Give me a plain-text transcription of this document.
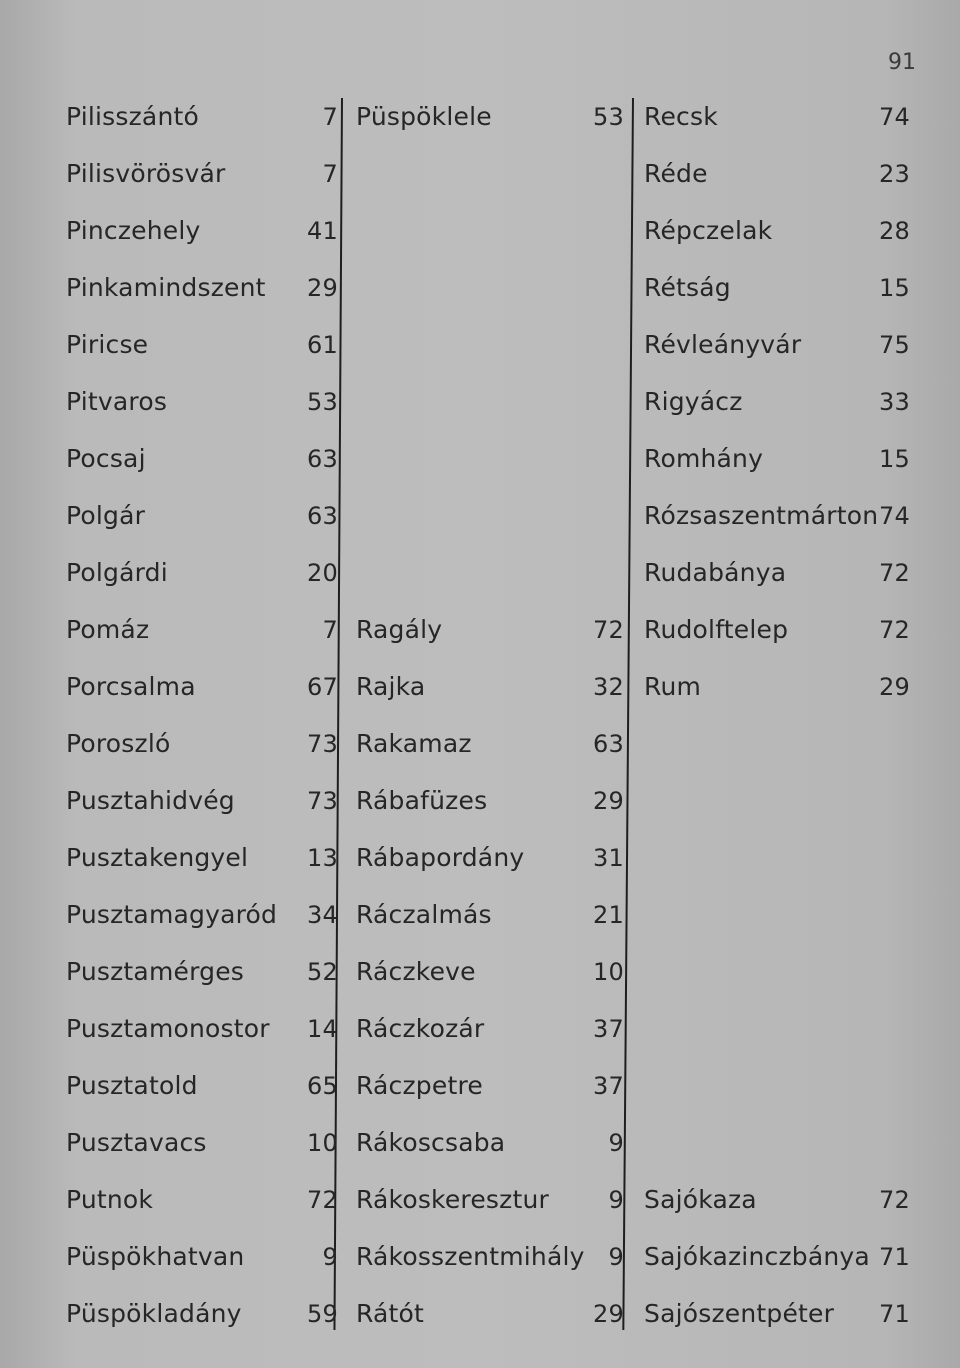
91
Pilisszántó	7
Pilisvörösvár	7
Pinczehely	41
Pinkamindszent 29
Piricse	61
Pitvaros	53
Pocsaj	63
Polgár	63
Polgárdi	20
Pomáz	7
Porcsalma	67
Poroszló	73
Pusztahidvég	73
Pusztakengyel 13
Pusztamagyaród 34
Pusztamérges	52
Pusztamonostor 14
Pusztatold	65
Pusztavacs	10
Putnok	72
Püspökhatvan	9
Püspökladány	59
Püspöklele	53
Ragály	72
Rajka	32
Rakamaz	63
Rábafüzes	29
Rábapordány	31
Ráczalmás	21
Ráczkeve	10
Ráczkozár	37
Ráczpetre	37
Rákoscsaba	9
Rákoskeresztur 9
Rákosszentmihály 9
Rátót	29
Recsk	74
Réde	23
Répczelak	28
Rétság	15
Révleányvár	75
Rigyácz	33
Romhány	15
Rózsaszentmárton 74
Rudabánya	72
Rudolftelep	72
Rum	29
Sajókaza	72
Sajókazinczbánya 71
Sajószentpéter 71
